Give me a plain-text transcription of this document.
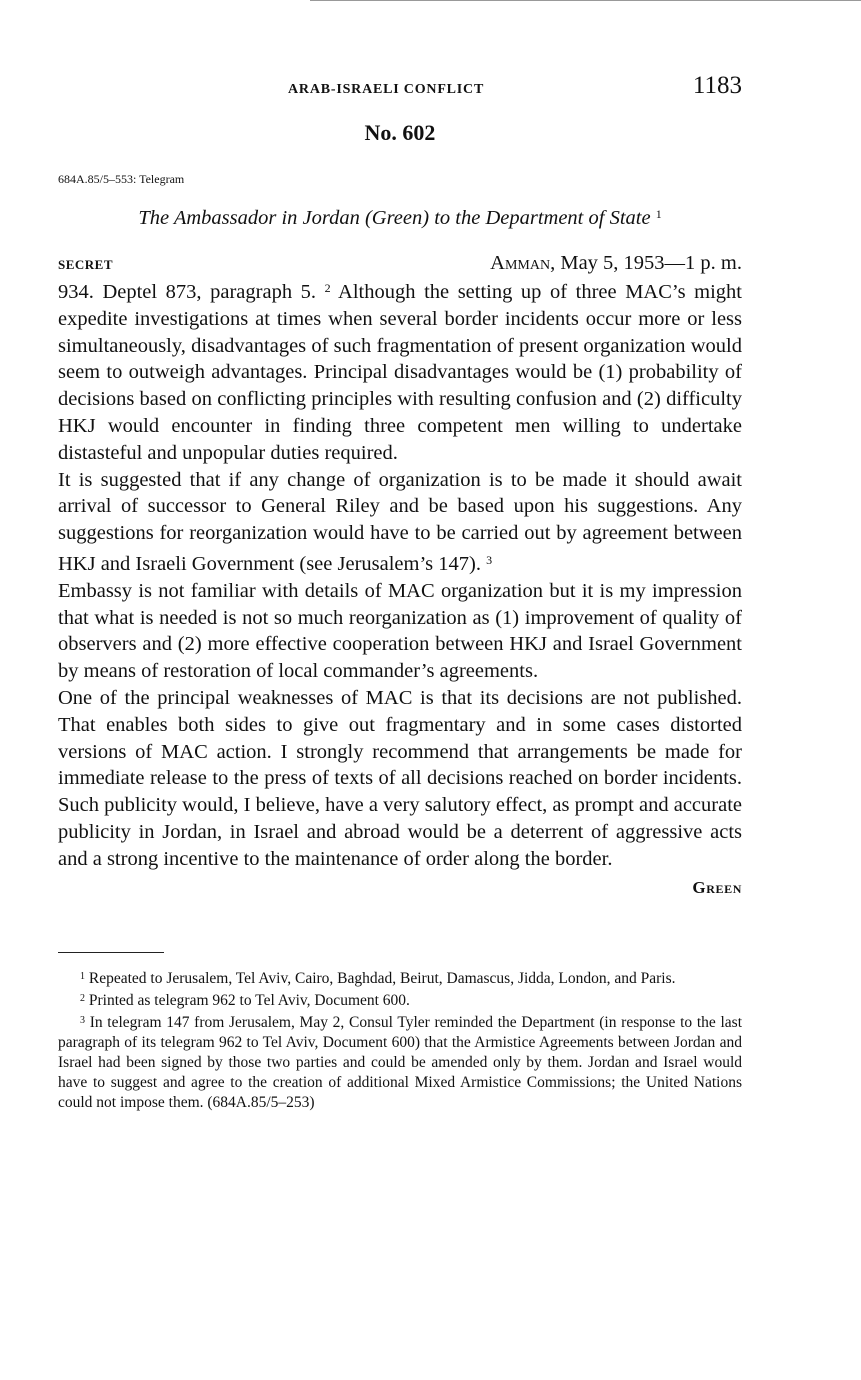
ARAB-ISRAELI CONFLICT	1183
No. 602
684A.85/5–553: Telegram
The Ambassador in Jordan (Green) to the Department of State $^1$
SECRET	Amman, May 5, 1953—1 p. m.

934. Deptel 873, paragraph 5. $^2$ Although the setting up of three MAC’s might expedite investigations at times when several border incidents occur more or less simultaneously, disadvantages of such fragmentation of present organization would seem to outweigh advantages. Principal disadvantages would be (1) probability of decisions based on conflicting principles with resulting confusion and (2) difficulty HKJ would encounter in finding three competent men willing to undertake distasteful and unpopular duties required.

It is suggested that if any change of organization is to be made it should await arrival of successor to General Riley and be based upon his suggestions. Any suggestions for reorganization would have to be carried out by agreement between HKJ and Israeli Government (see Jerusalem’s 147). $^3$

Embassy is not familiar with details of MAC organization but it is my impression that what is needed is not so much reorganization as (1) improvement of quality of observers and (2) more effective cooperation between HKJ and Israel Government by means of restoration of local commander’s agreements.

One of the principal weaknesses of MAC is that its decisions are not published. That enables both sides to give out fragmentary and in some cases distorted versions of MAC action. I strongly recommend that arrangements be made for immediate release to the press of texts of all decisions reached on border incidents. Such publicity would, I believe, have a very salutory effect, as prompt and accurate publicity in Jordan, in Israel and abroad would be a deterrent of aggressive acts and a strong incentive to the maintenance of order along the border.

Green

$^1$ Repeated to Jerusalem, Tel Aviv, Cairo, Baghdad, Beirut, Damascus, Jidda, London, and Paris.

$^2$ Printed as telegram 962 to Tel Aviv, Document 600.

$^3$ In telegram 147 from Jerusalem, May 2, Consul Tyler reminded the Department (in response to the last paragraph of its telegram 962 to Tel Aviv, Document 600) that the Armistice Agreements between Jordan and Israel had been signed by those two parties and could be amended only by them. Jordan and Israel would have to suggest and agree to the creation of additional Mixed Armistice Commissions; the United Nations could not impose them. (684A.85/5–253)
